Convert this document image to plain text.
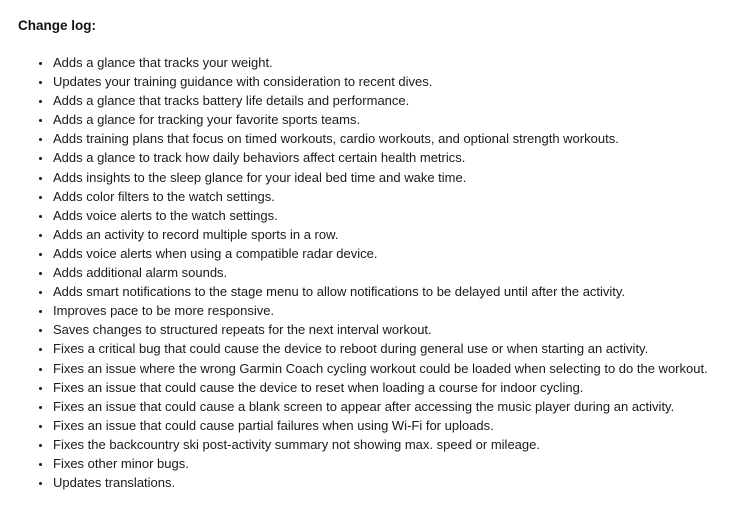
Change log:
• Adds a glance that tracks your weight.
• Updates your training guidance with consideration to recent dives.
• Adds a glance that tracks battery life details and performance.
• Adds a glance for tracking your favorite sports teams.
• Adds training plans that focus on timed workouts, cardio workouts, and optional strength workouts.
• Adds a glance to track how daily behaviors affect certain health metrics.
• Adds insights to the sleep glance for your ideal bed time and wake time.
• Adds color filters to the watch settings.
• Adds voice alerts to the watch settings.
• Adds an activity to record multiple sports in a row.
• Adds voice alerts when using a compatible radar device.
• Adds additional alarm sounds.
• Adds smart notifications to the stage menu to allow notifications to be delayed until after the activity.
• Improves pace to be more responsive.
• Saves changes to structured repeats for the next interval workout.
• Fixes a critical bug that could cause the device to reboot during general use or when starting an activity.
• Fixes an issue where the wrong Garmin Coach cycling workout could be loaded when selecting to do the workout.
• Fixes an issue that could cause the device to reset when loading a course for indoor cycling.
• Fixes an issue that could cause a blank screen to appear after accessing the music player during an activity.
• Fixes an issue that could cause partial failures when using Wi-Fi for uploads.
• Fixes the backcountry ski post-activity summary not showing max. speed or mileage.
• Fixes other minor bugs.
• Updates translations.
